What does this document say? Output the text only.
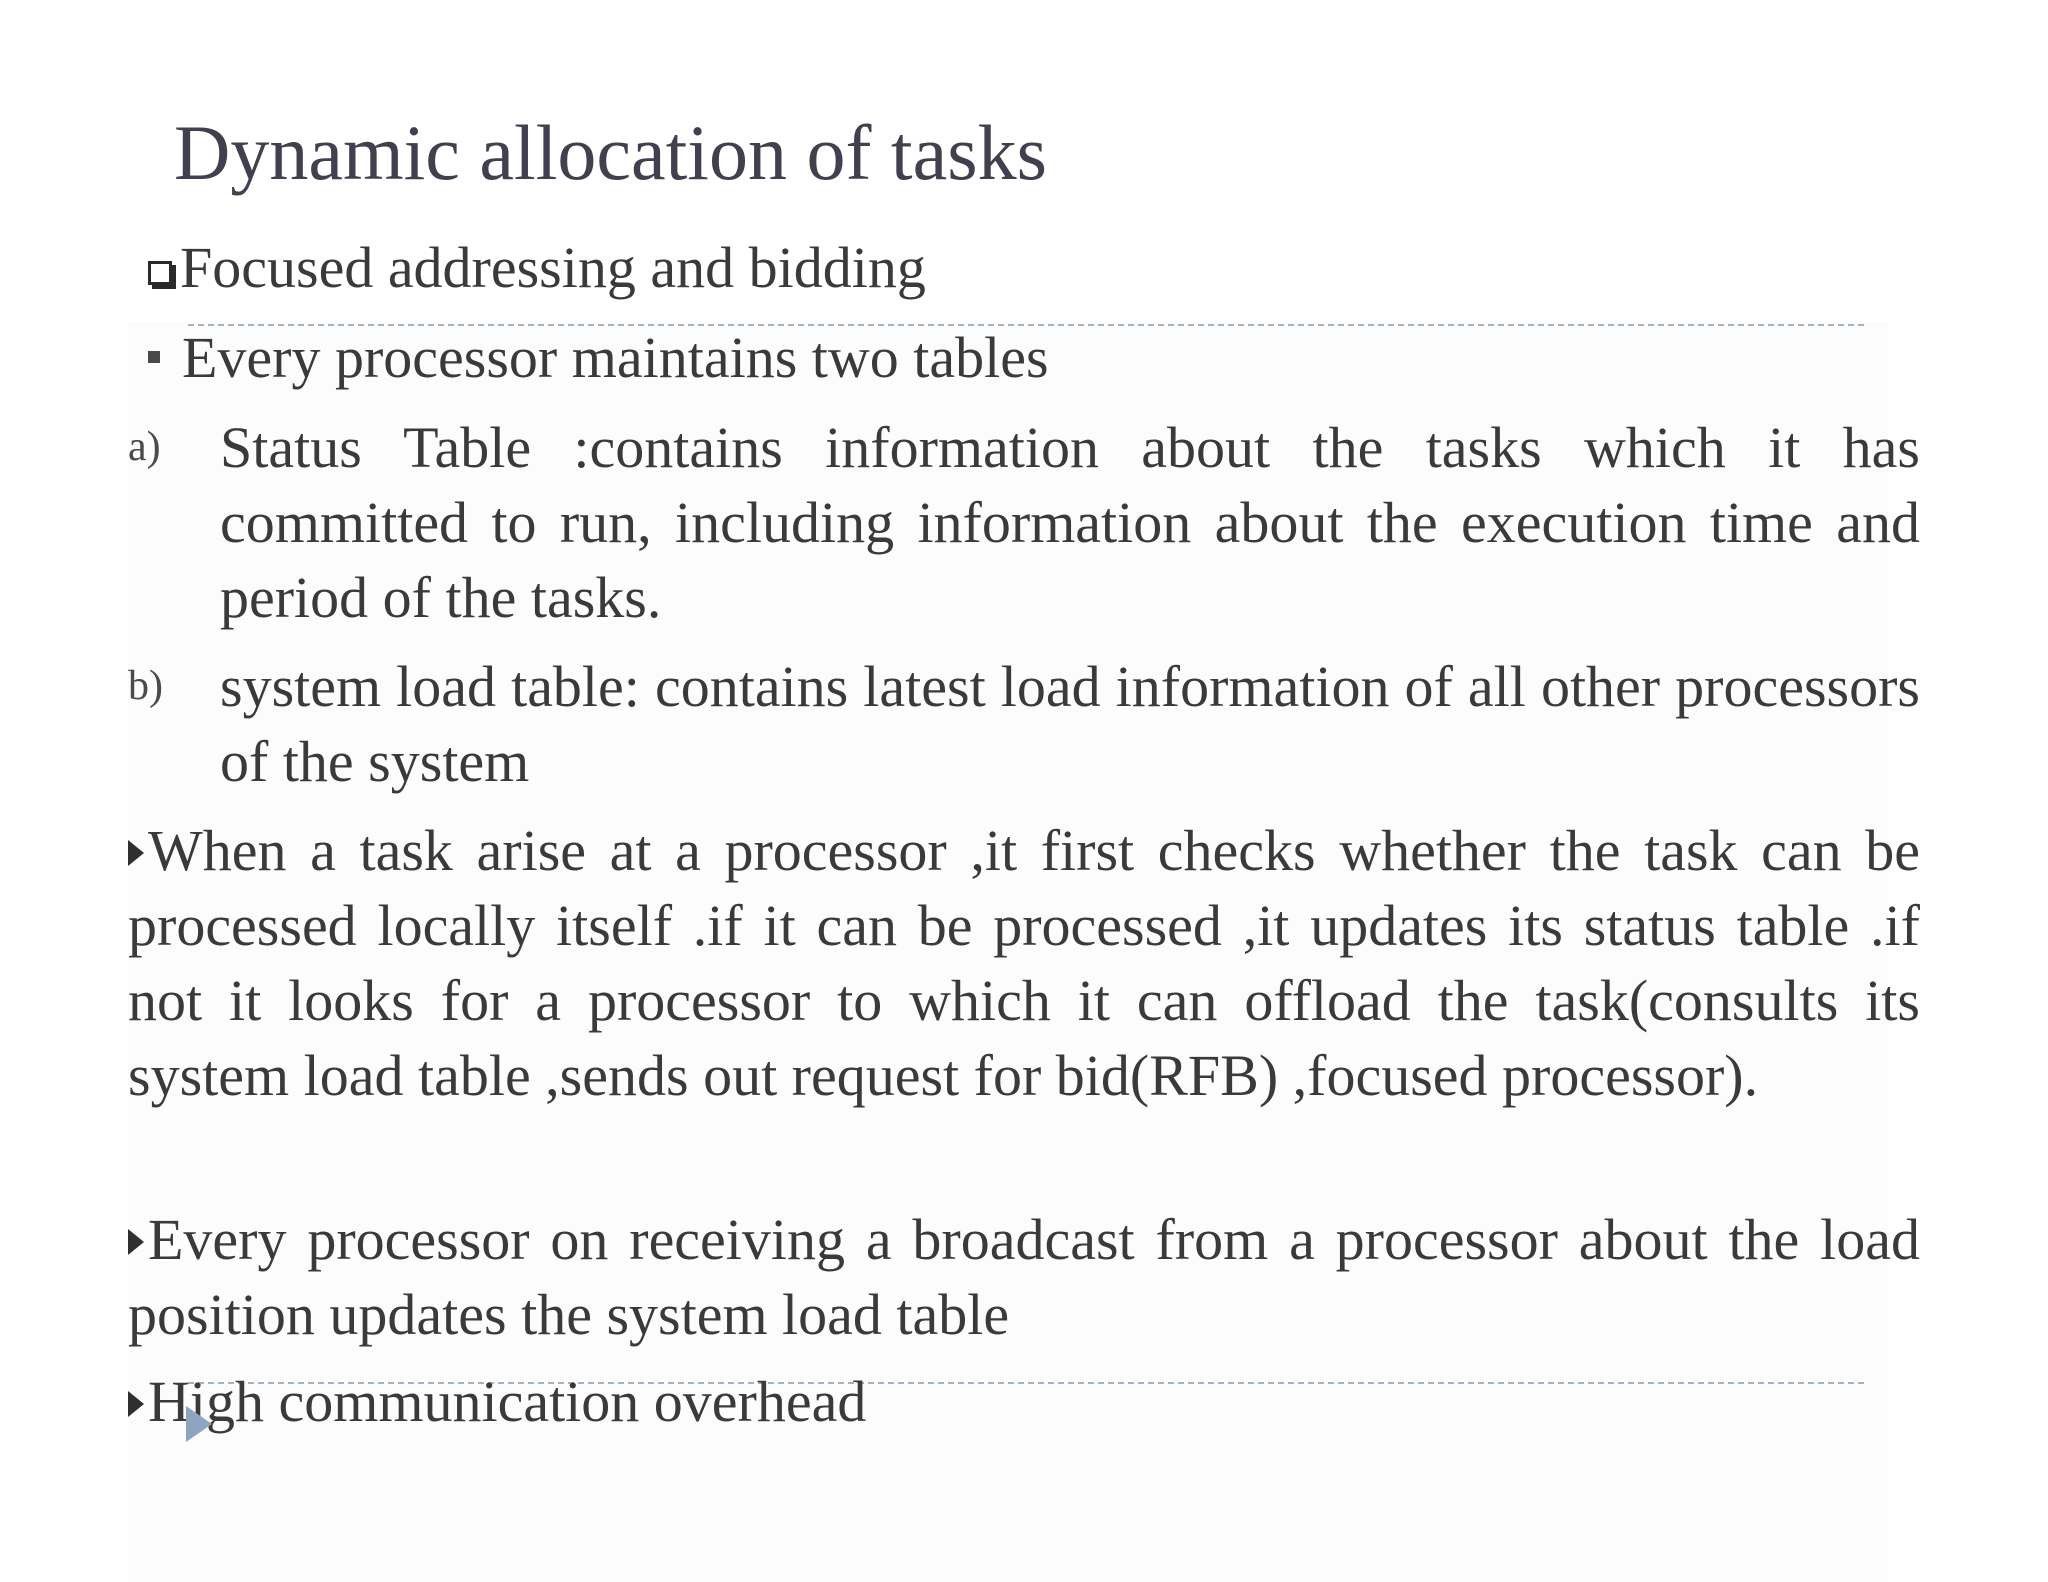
Dynamic allocation of tasks
Focused addressing and bidding
Every processor maintains two tables
a) Status Table :contains information about the tasks which it has committed to run, including information about the execution time and period of the tasks.
b) system load table: contains latest load information of all other processors of the system
When a task arise at a processor ,it first checks whether the task can be processed locally itself .if it can be processed ,it updates its status table .if not it looks for a processor to which it can offload the task(consults its system load table ,sends out request for bid(RFB) ,focused processor).
Every processor on receiving a broadcast from a processor about the load position updates the system load table
High communication overhead
